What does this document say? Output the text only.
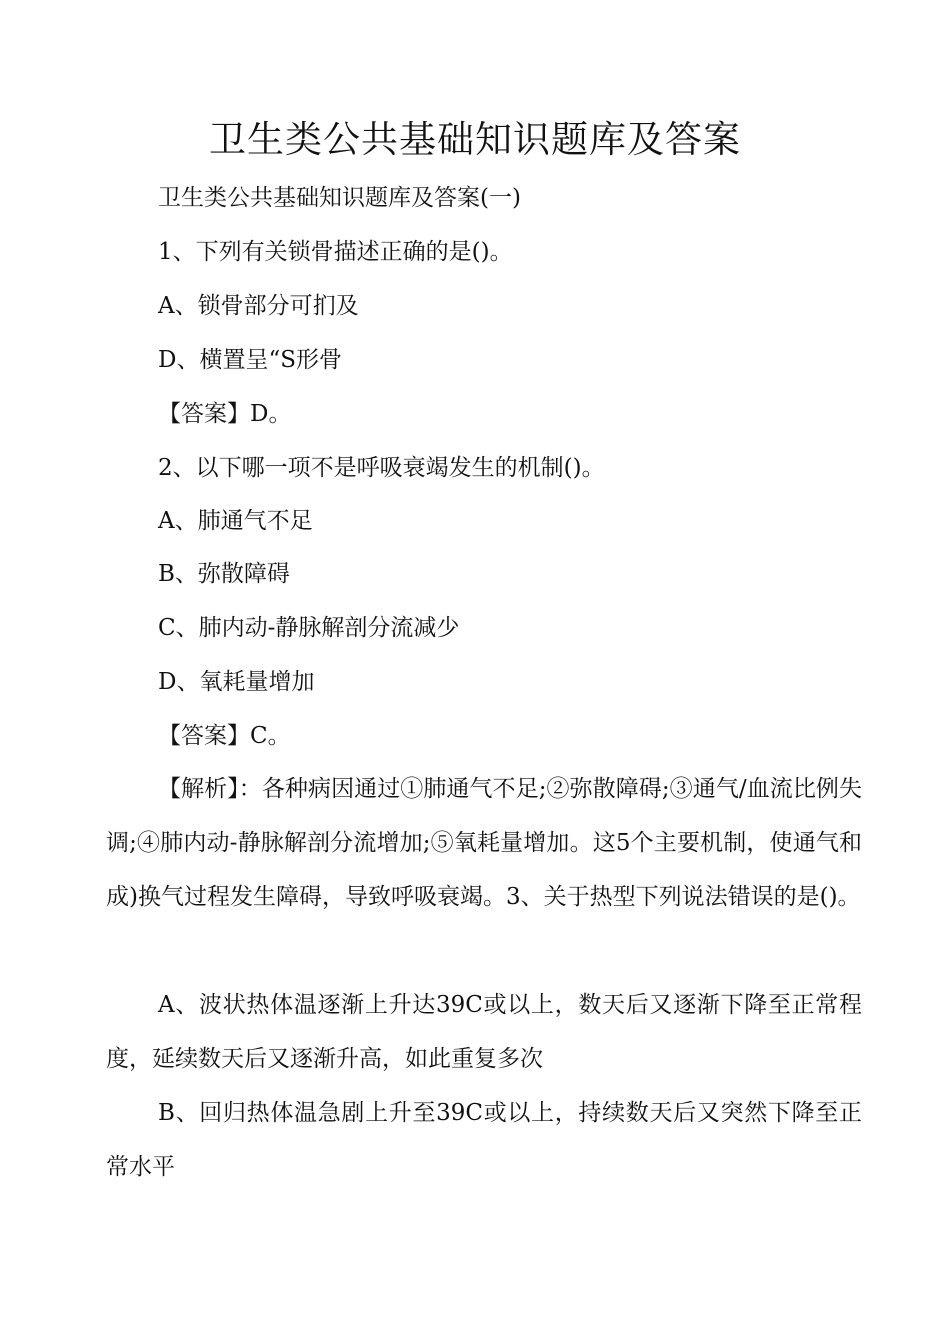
卫生类公共基础知识题库及答案
卫生类公共基础知识题库及答案(一)
1、下列有关锁骨描述正确的是()。
A、锁骨部分可扪及
D、横置呈“S形骨
【答案】D。
2、以下哪一项不是呼吸衰竭发生的机制()。
A、肺通气不足
B、弥散障碍
C、肺内动-静脉解剖分流减少
D、氧耗量增加
【答案】C。
【解析】：各种病因通过①肺通气不足;②弥散障碍;③通气/血流比例失调;④肺内动-静脉解剖分流增加;⑤氧耗量增加。这5个主要机制，使通气和成)换气过程发生障碍，导致呼吸衰竭。3、关于热型下列说法错误的是()。
A、波状热体温逐渐上升达39C或以上，数天后又逐渐下降至正常程度，延续数天后又逐渐升高，如此重复多次
B、回归热体温急剧上升至39C或以上，持续数天后又突然下降至正常水平
